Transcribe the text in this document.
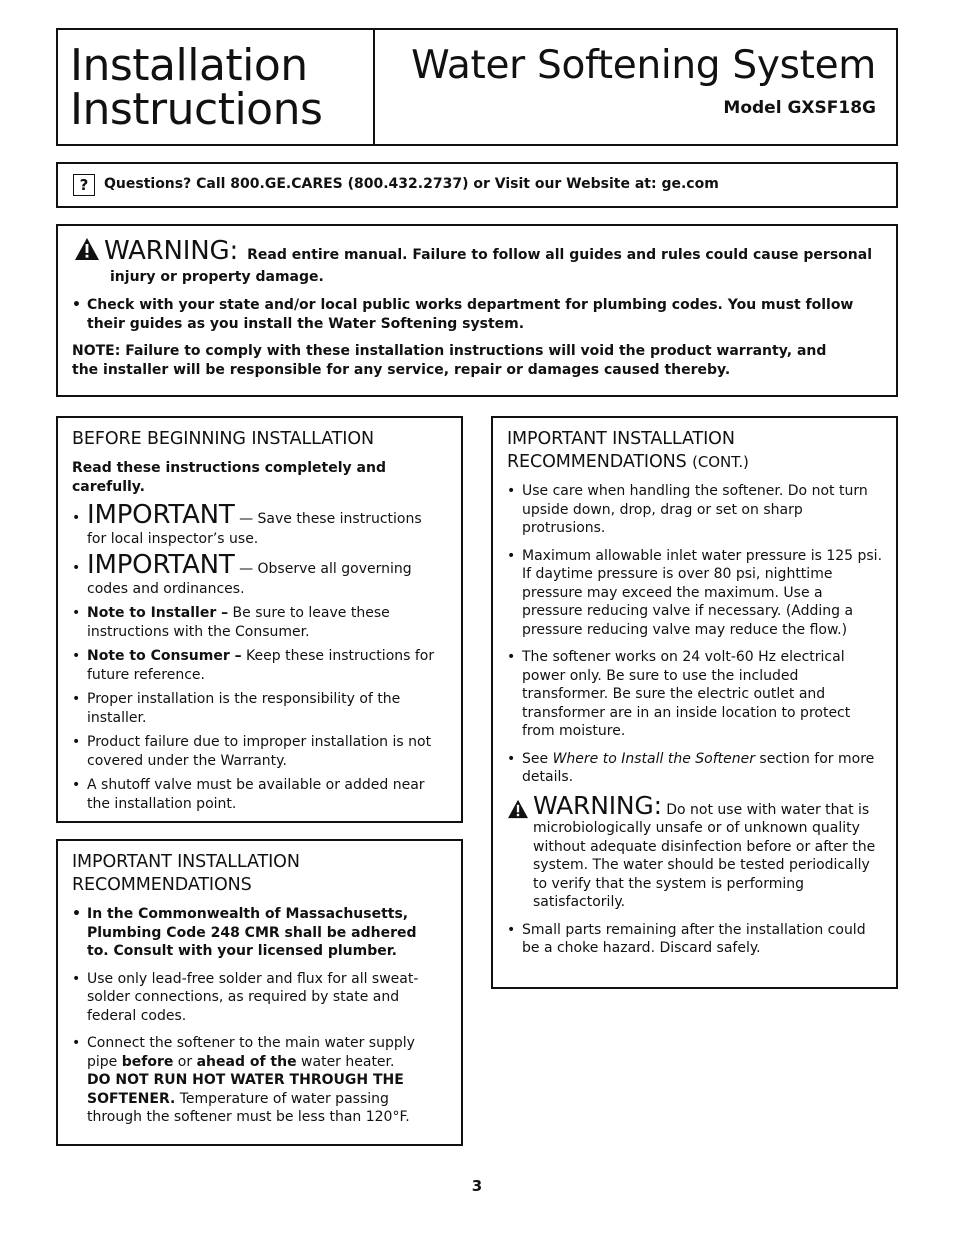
Installation
Instructions
Water Softening System
Model GXSF18G
?	Questions? Call 800.GE.CARES (800.432.2737) or Visit our Website at: ge.com
WARNING: Read entire manual. Failure to follow all guides and rules could cause personal
injury or property damage.
• Check with your state and/or local public works department for plumbing codes. You must follow their guides as you install the Water Softening system.
NOTE: Failure to comply with these installation instructions will void the product warranty, and the installer will be responsible for any service, repair or damages caused thereby.
BEFORE BEGINNING INSTALLATION
Read these instructions completely and carefully.
• IMPORTANT — Save these instructions
for local inspector’s use.
• IMPORTANT — Observe all governing
codes and ordinances.
• Note to Installer – Be sure to leave these instructions with the Consumer.
• Note to Consumer – Keep these instructions for future reference.
• Proper installation is the responsibility of the installer.
• Product failure due to improper installation is not covered under the Warranty.
• A shutoff valve must be available or added near the installation point.
IMPORTANT INSTALLATION RECOMMENDATIONS
• In the Commonwealth of Massachusetts, Plumbing Code 248 CMR shall be adhered to. Consult with your licensed plumber.
• Use only lead-free solder and flux for all sweat-solder connections, as required by state and federal codes.
• Connect the softener to the main water supply pipe before or ahead of the water heater.
DO NOT RUN HOT WATER THROUGH THE SOFTENER. Temperature of water passing through the softener must be less than 120°F.
IMPORTANT INSTALLATION RECOMMENDATIONS (CONT.)
• Use care when handling the softener. Do not turn upside down, drop, drag or set on sharp protrusions.
• Maximum allowable inlet water pressure is 125 psi. If daytime pressure is over 80 psi, nighttime pressure may exceed the maximum. Use a pressure reducing valve if necessary. (Adding a pressure reducing valve may reduce the flow.)
• The softener works on 24 volt-60 Hz electrical power only. Be sure to use the included transformer. Be sure the electric outlet and transformer are in an inside location to protect from moisture.
• See Where to Install the Softener section for more details.
WARNING: Do not use with water that is microbiologically unsafe or of unknown quality without adequate disinfection before or after the system. The water should be tested periodically to verify that the system is performing satisfactorily.
• Small parts remaining after the installation could be a choke hazard. Discard safely.
3
